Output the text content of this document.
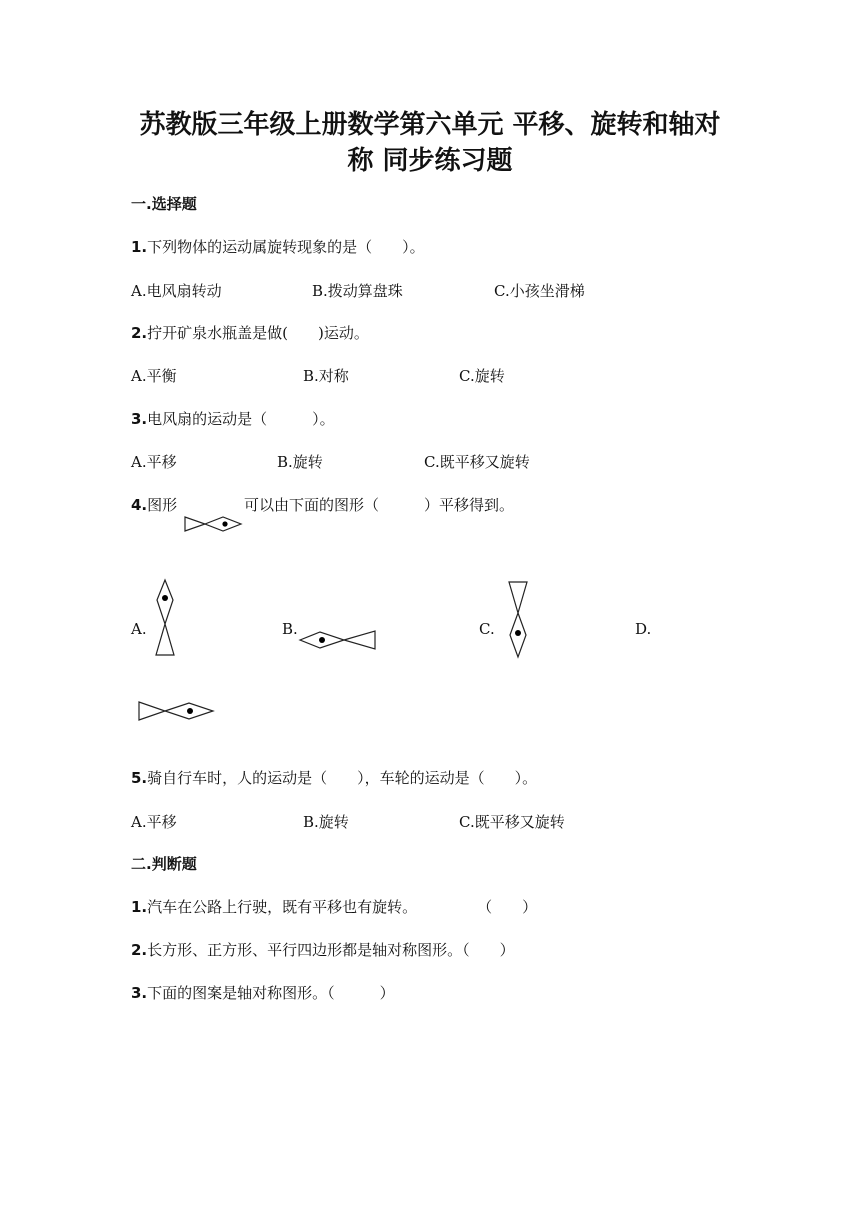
苏教版三年级上册数学第六单元 平移、旋转和轴对
称 同步练习题
一.选择题
1.下列物体的运动属旋转现象的是（　　）。
A.电风扇转动	B.拨动算盘珠	C.小孩坐滑梯
2.拧开矿泉水瓶盖是做(　　)运动。
A.平衡	B.对称	C.旋转
3.电风扇的运动是（　　　）。
A.平移	B.旋转	C.既平移又旋转
4.图形	可以由下面的图形（　　　）平移得到。
A.	B.	C.	D.
5.骑自行车时，人的运动是（　　），车轮的运动是（　　）。
A.平移	B.旋转	C.既平移又旋转
二.判断题
1.汽车在公路上行驶，既有平移也有旋转。　　　　　（　　）
2.长方形、正方形、平行四边形都是轴对称图形。（　　）
3.下面的图案是轴对称图形。（　　　）
